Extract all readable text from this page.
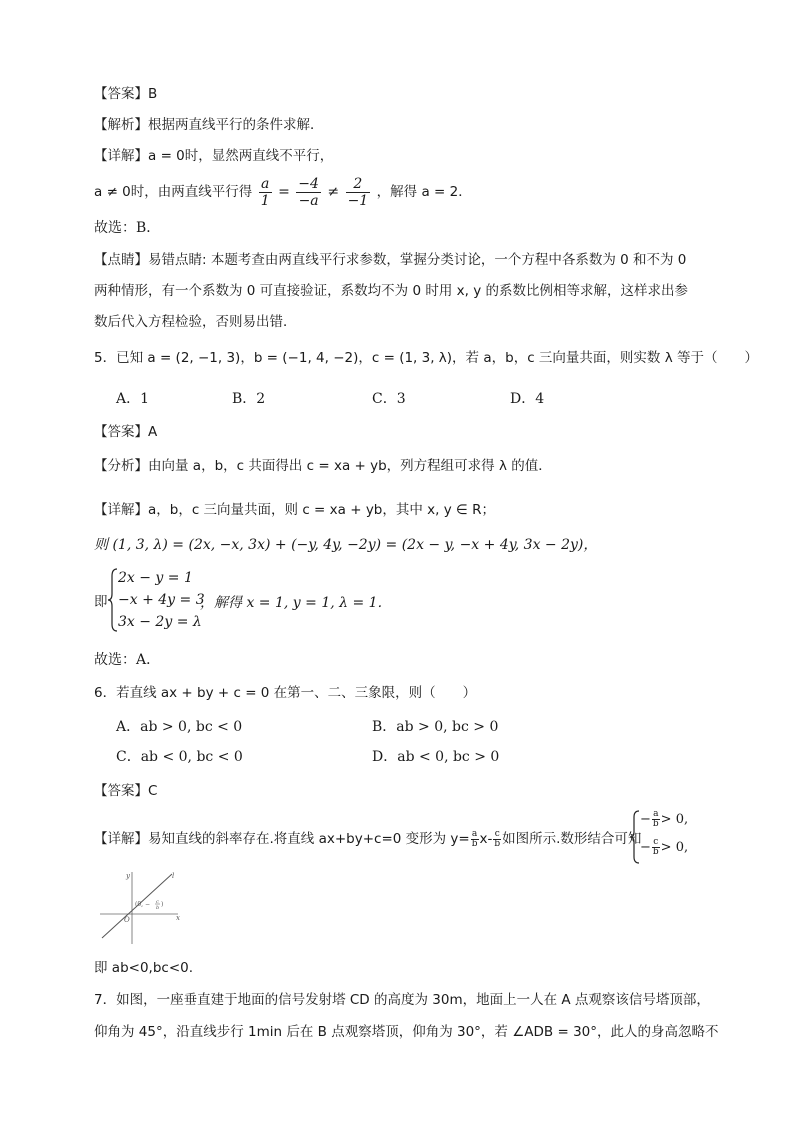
【答案】B
【解析】根据两直线平行的条件求解．
【详解】a = 0时，显然两直线不平行，
a ≠ 0时，由两直线平行得 $\frac{a}{1} = \frac{-4}{-a} \ne \frac{2}{-1}$ ，解得 a = 2．
故选：B．
【点睛】易错点睛: 本题考查由两直线平行求参数，掌握分类讨论，一个方程中各系数为 0 和不为 0
两种情形，有一个系数为 0 可直接验证，系数均不为 0 时用 x, y 的系数比例相等求解，这样求出参
数后代入方程检验，否则易出错．
5．已知 a = (2, −1, 3)，b = (−1, 4, −2)，c = (1, 3, λ)，若 a，b，c 三向量共面，则实数 λ 等于（　　）
A．1	B．2	C．3	D．4
【答案】A
【分析】由向量 a，b，c 共面得出 c = xa + yb，列方程组可求得 λ 的值．
【详解】a，b，c 三向量共面，则 c = xa + yb，其中 x, y ∈ R；
则 (1, 3, λ) = (2x, −x, 3x) + (−y, 4y, −2y) = (2x − y, −x + 4y, 3x − 2y)，
即
2x − y = 1
−x + 4y = 3
3x − 2y = λ
，解得 x = 1, y = 1, λ = 1．
故选：A．
6．若直线 ax + by + c = 0 在第一、二、三象限，则（　　）
A．ab > 0, bc < 0	B．ab > 0, bc > 0
C．ab < 0, bc < 0	D．ab < 0, bc > 0
【答案】C
【详解】易知直线的斜率存在.将直线 ax+by+c=0 变形为 $y= \frac{a}{b} x- \frac{c}{b}$ 如图所示.数形结合可知
− $\frac{a}{b} > 0$,
− $\frac{c}{b} > 0$,
y
x
O
l
(0, − c
b )
即 ab<0,bc<0.
7．如图，一座垂直建于地面的信号发射塔 CD 的高度为 30m，地面上一人在 A 点观察该信号塔顶部，
仰角为 45°，沿直线步行 1min 后在 B 点观察塔顶，仰角为 30°，若 ∠ADB = 30°，此人的身高忽略不
